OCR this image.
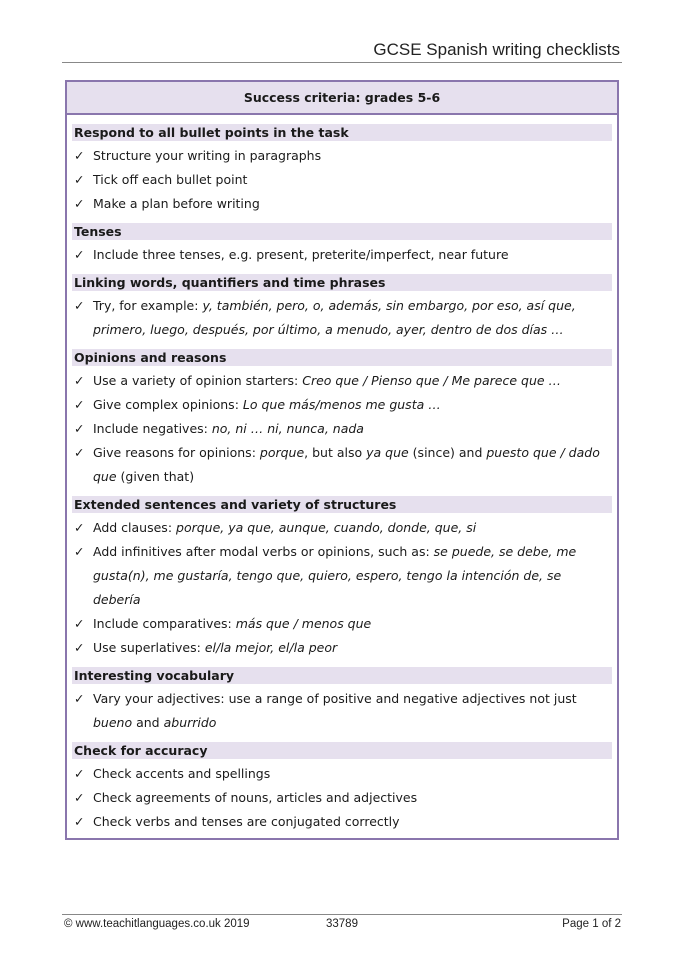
GCSE Spanish writing checklists
Success criteria: grades 5-6
Respond to all bullet points in the task
✓ Structure your writing in paragraphs
✓ Tick off each bullet point
✓ Make a plan before writing
Tenses
✓ Include three tenses, e.g. present, preterite/imperfect, near future
Linking words, quantifiers and time phrases
✓ Try, for example: y, también, pero, o, además, sin embargo, por eso, así que, primero, luego, después, por último, a menudo, ayer, dentro de dos días …
Opinions and reasons
✓ Use a variety of opinion starters: Creo que / Pienso que / Me parece que …
✓ Give complex opinions: Lo que más/menos me gusta …
✓ Include negatives: no, ni … ni, nunca, nada
✓ Give reasons for opinions: porque, but also ya que (since) and puesto que / dado que (given that)
Extended sentences and variety of structures
✓ Add clauses: porque, ya que, aunque, cuando, donde, que, si
✓ Add infinitives after modal verbs or opinions, such as: se puede, se debe, me gusta(n), me gustaría, tengo que, quiero, espero, tengo la intención de, se debería
✓ Include comparatives: más que / menos que
✓ Use superlatives: el/la mejor, el/la peor
Interesting vocabulary
✓ Vary your adjectives: use a range of positive and negative adjectives not just bueno and aburrido
Check for accuracy
✓ Check accents and spellings
✓ Check agreements of nouns, articles and adjectives
✓ Check verbs and tenses are conjugated correctly
© www.teachitlanguages.co.uk 2019	33789	Page 1 of 2
